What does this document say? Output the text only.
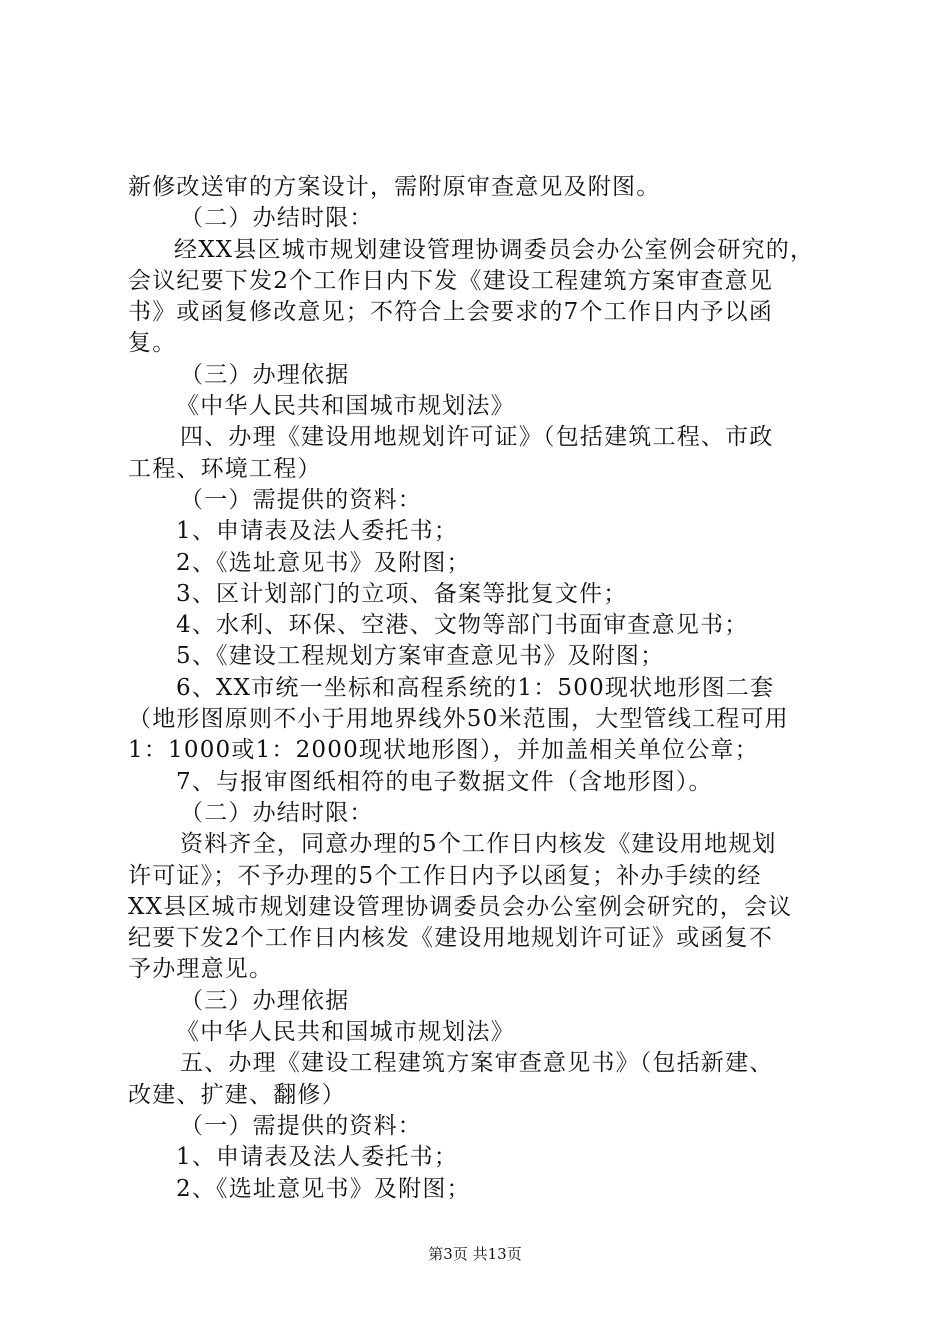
新修改送审的方案设计，需附原审查意见及附图。
（二）办结时限：
经XX县区城市规划建设管理协调委员会办公室例会研究的，
会议纪要下发2个工作日内下发《建设工程建筑方案审查意见
书》或函复修改意见；不符合上会要求的7个工作日内予以函
复。
（三）办理依据
《中华人民共和国城市规划法》
四、办理《建设用地规划许可证》（包括建筑工程、市政
工程、环境工程）
（一）需提供的资料：
1、申请表及法人委托书；
2、《选址意见书》及附图；
3、区计划部门的立项、备案等批复文件；
4、水利、环保、空港、文物等部门书面审查意见书；
5、《建设工程规划方案审查意见书》及附图；
6、XX市统一坐标和高程系统的1：500现状地形图二套
（地形图原则不小于用地界线外50米范围，大型管线工程可用
1：1000或1：2000现状地形图），并加盖相关单位公章；
7、与报审图纸相符的电子数据文件（含地形图）。
（二）办结时限：
资料齐全，同意办理的5个工作日内核发《建设用地规划
许可证》；不予办理的5个工作日内予以函复；补办手续的经
XX县区城市规划建设管理协调委员会办公室例会研究的，会议
纪要下发2个工作日内核发《建设用地规划许可证》或函复不
予办理意见。
（三）办理依据
《中华人民共和国城市规划法》
五、办理《建设工程建筑方案审查意见书》（包括新建、
改建、扩建、翻修）
（一）需提供的资料：
1、申请表及法人委托书；
2、《选址意见书》及附图；
第3页 共13页
